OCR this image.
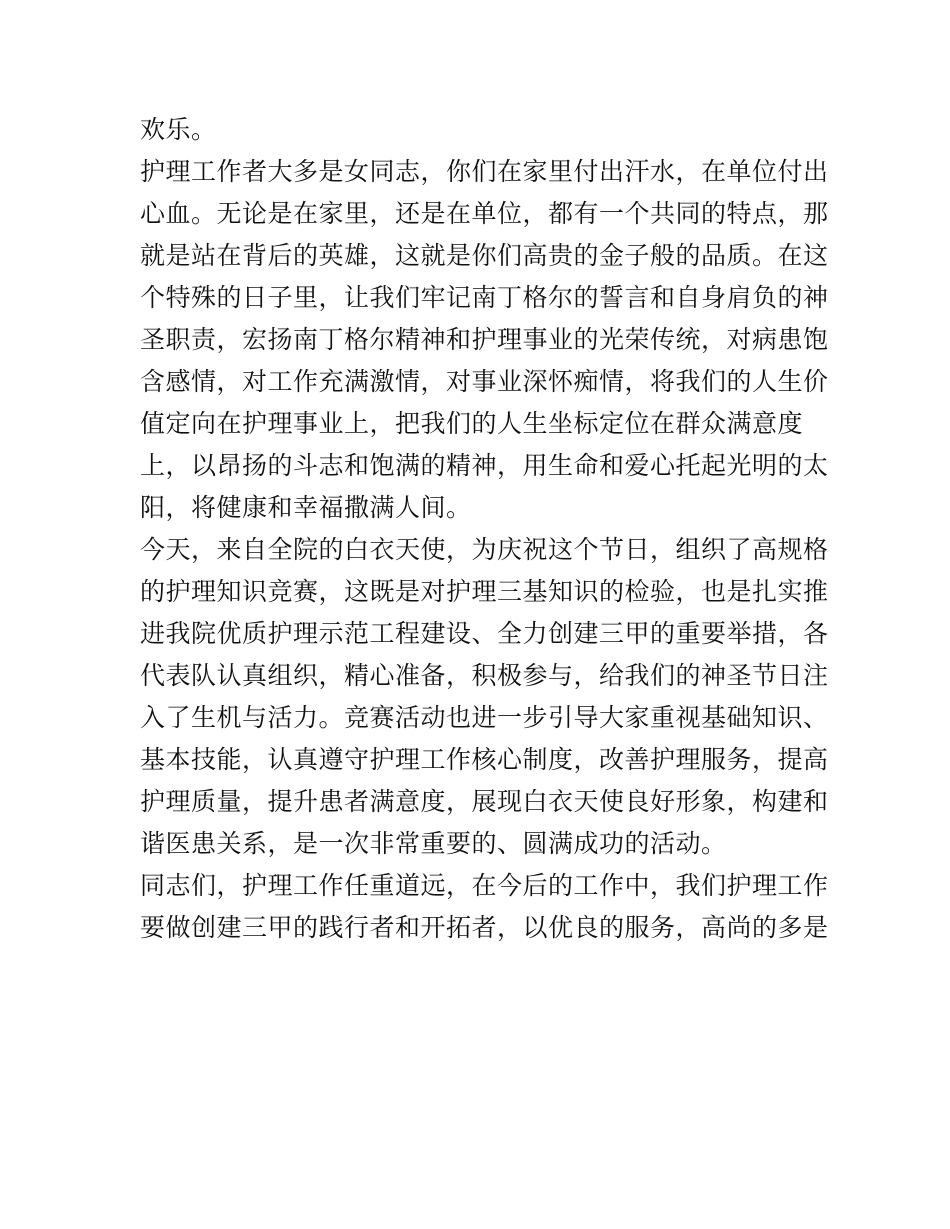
欢乐。
护理工作者大多是女同志，你们在家里付出汗水，在单位付出
心血。无论是在家里，还是在单位，都有一个共同的特点，那
就是站在背后的英雄，这就是你们高贵的金子般的品质。在这
个特殊的日子里，让我们牢记南丁格尔的誓言和自身肩负的神
圣职责，宏扬南丁格尔精神和护理事业的光荣传统，对病患饱
含感情，对工作充满激情，对事业深怀痴情，将我们的人生价
值定向在护理事业上，把我们的人生坐标定位在群众满意度
上，以昂扬的斗志和饱满的精神，用生命和爱心托起光明的太
阳，将健康和幸福撒满人间。
今天，来自全院的白衣天使，为庆祝这个节日，组织了高规格
的护理知识竞赛，这既是对护理三基知识的检验，也是扎实推
进我院优质护理示范工程建设、全力创建三甲的重要举措，各
代表队认真组织，精心准备，积极参与，给我们的神圣节日注
入了生机与活力。竞赛活动也进一步引导大家重视基础知识、
基本技能，认真遵守护理工作核心制度，改善护理服务，提高
护理质量，提升患者满意度，展现白衣天使良好形象，构建和
谐医患关系，是一次非常重要的、圆满成功的活动。
同志们，护理工作任重道远，在今后的工作中，我们护理工作
要做创建三甲的践行者和开拓者，以优良的服务，高尚的多是
